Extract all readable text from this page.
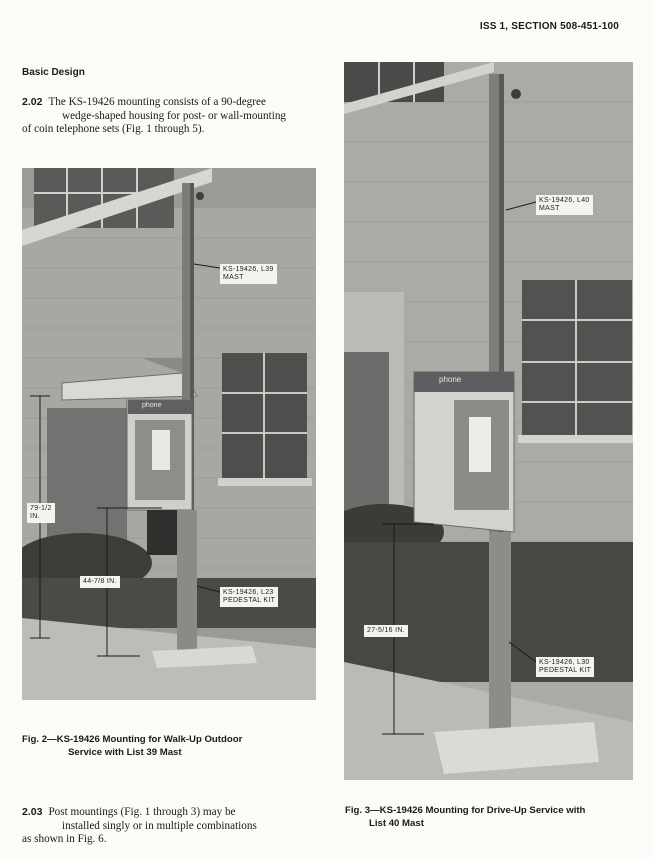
ISS 1, SECTION 508-451-100
Basic Design
2.02 The KS-19426 mounting consists of a 90-degree
wedge-shaped housing for post- or wall-mounting
of coin telephone sets (Fig. 1 through 5).
KS-19426, L39
MAST
79-1/2
IN.
44-7/8 IN.
KS-19426, L23
PEDESTAL KIT
phone
Fig. 2—KS-19426 Mounting for Walk-Up Outdoor
Service with List 39 Mast
KS-19426, L40
MAST
27-5/16 IN.
KS-19426, L30
PEDESTAL KIT
phone
Fig. 3—KS-19426 Mounting for Drive-Up Service with
List 40 Mast
2.03 Post mountings (Fig. 1 through 3) may be
installed singly or in multiple combinations
as shown in Fig. 6.
